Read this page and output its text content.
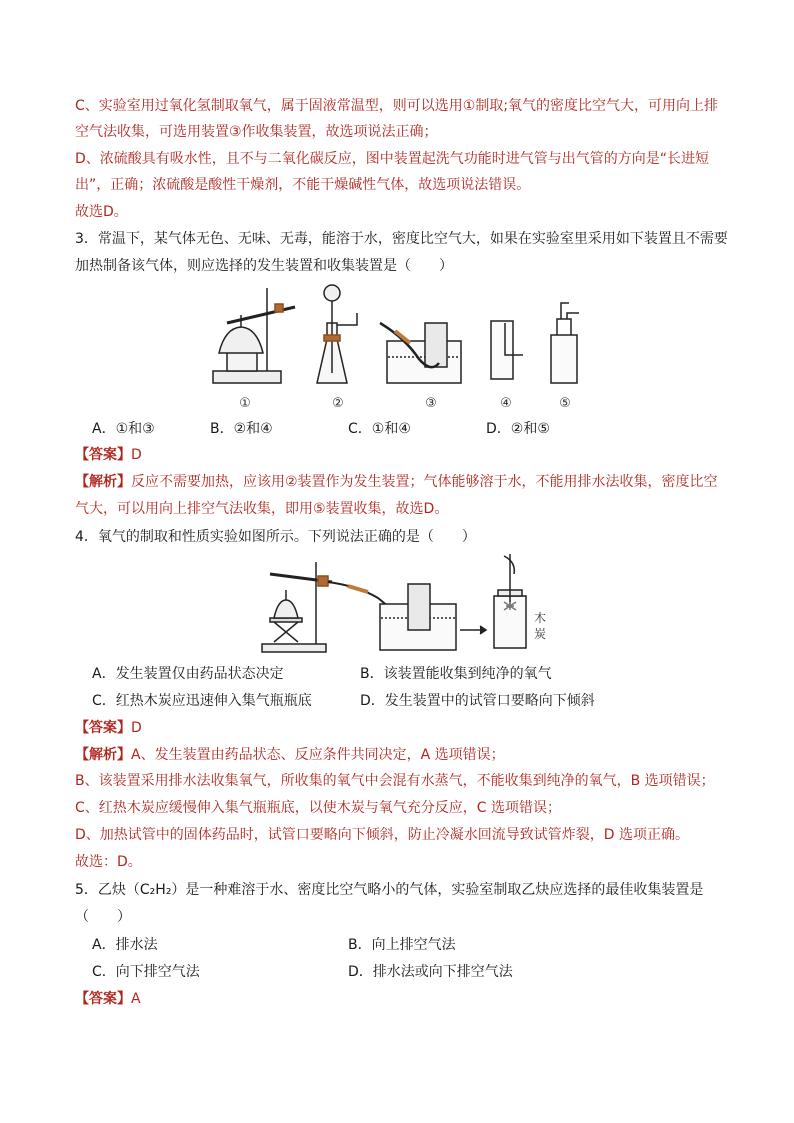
C、实验室用过氧化氢制取氧气，属于固液常温型，则可以选用①制取;氧气的密度比空气大，可用向上排
空气法收集，可选用装置③作收集装置，故选项说法正确；
D、浓硫酸具有吸水性，且不与二氧化碳反应，图中装置起洗气功能时进气管与出气管的方向是“长进短
出”，正确；浓硫酸是酸性干燥剂，不能干燥碱性气体，故选项说法错误。
故选D。
3．常温下，某气体无色、无味、无毒，能溶于水，密度比空气大，如果在实验室里采用如下装置且不需要
加热制备该气体，则应选择的发生装置和收集装置是（　　）
①	②	③	④	⑤
A．①和③	B．②和④	C．①和④	D．②和⑤
【答案】D
【解析】反应不需要加热，应该用②装置作为发生装置；气体能够溶于水，不能用排水法收集，密度比空
气大，可以用向上排空气法收集，即用⑤装置收集，故选D。
4．氧气的制取和性质实验如图所示。下列说法正确的是（　　）
木
炭
A．发生装置仅由药品状态决定	B．该装置能收集到纯净的氧气
C．红热木炭应迅速伸入集气瓶瓶底	D．发生装置中的试管口要略向下倾斜
【答案】D
【解析】A、发生装置由药品状态、反应条件共同决定，A 选项错误；
B、该装置采用排水法收集氧气，所收集的氧气中会混有水蒸气，不能收集到纯净的氧气，B 选项错误；
C、红热木炭应缓慢伸入集气瓶瓶底，以使木炭与氧气充分反应，C 选项错误；
D、加热试管中的固体药品时，试管口要略向下倾斜，防止冷凝水回流导致试管炸裂，D 选项正确。
故选：D。
5．乙炔（C₂H₂）是一种难溶于水、密度比空气略小的气体，实验室制取乙炔应选择的最佳收集装置是
（　　）
A．排水法	B．向上排空气法
C．向下排空气法	D．排水法或向下排空气法
【答案】A
